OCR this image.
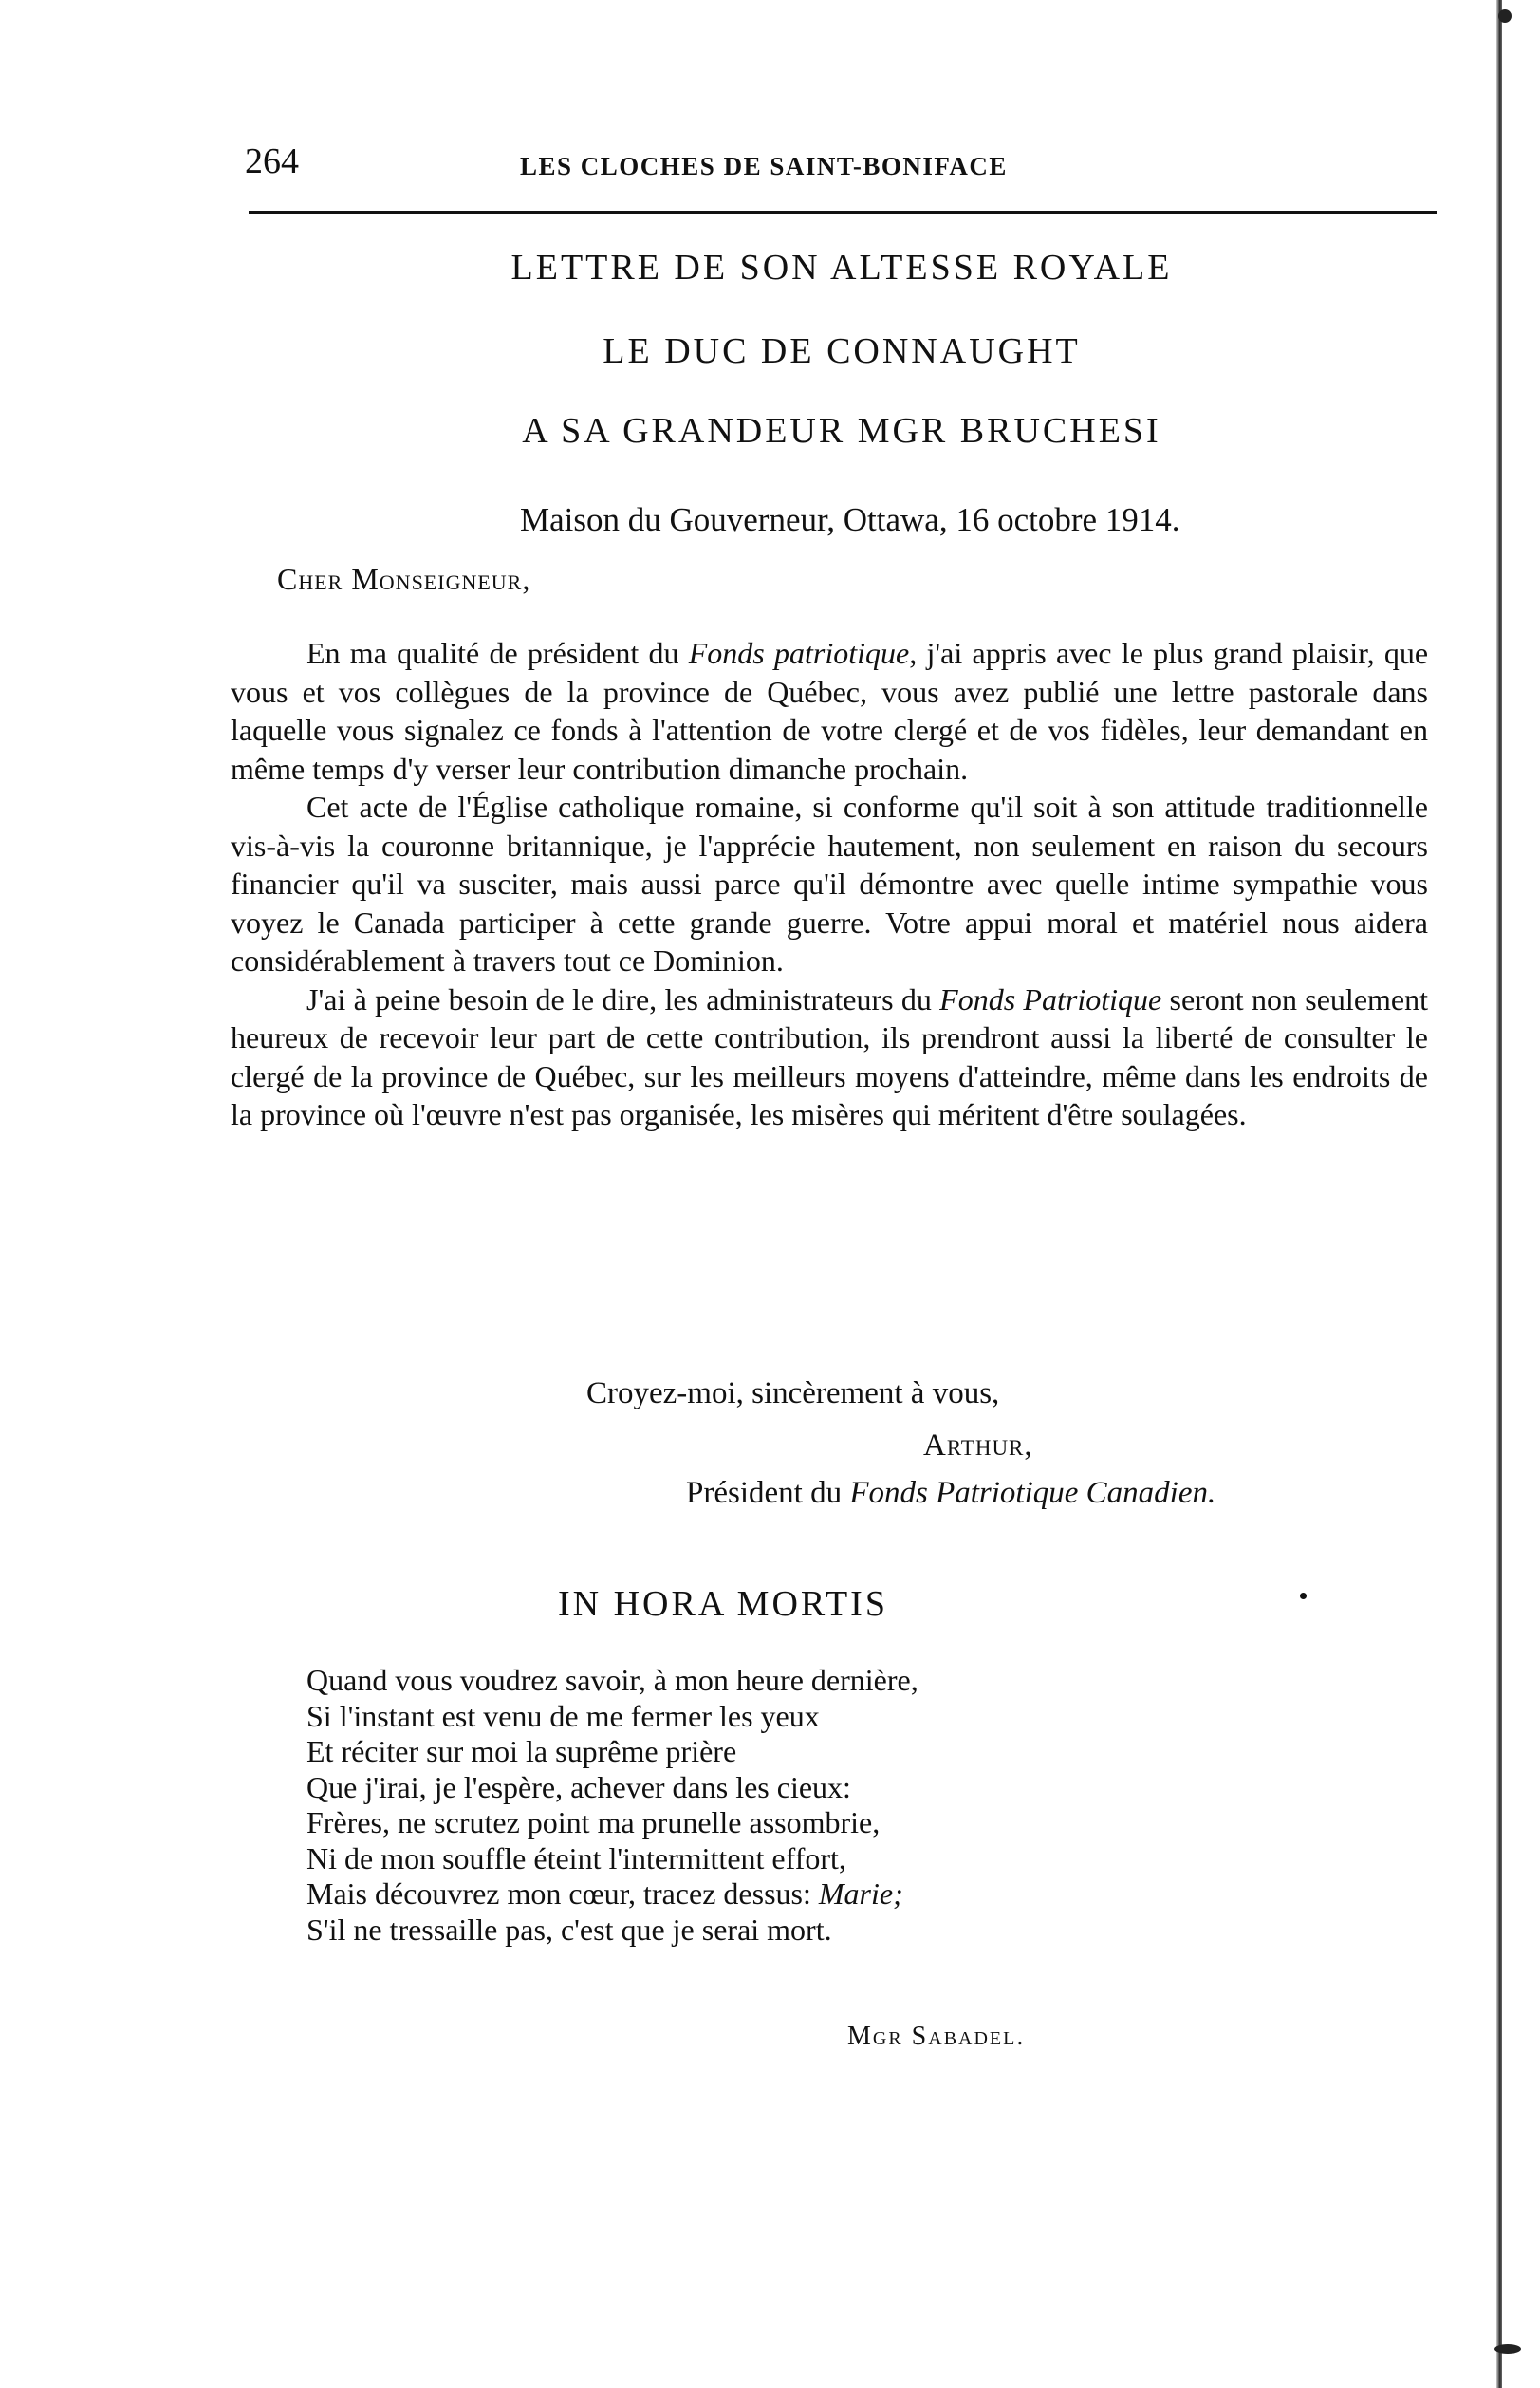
264	LES CLOCHES DE SAINT-BONIFACE
LETTRE DE SON ALTESSE ROYALE
LE DUC DE CONNAUGHT
A SA GRANDEUR MGR BRUCHESI
Maison du Gouverneur, Ottawa, 16 octobre 1914.
Cher Monseigneur,

En ma qualité de président du Fonds patriotique, j'ai appris avec le plus grand plaisir, que vous et vos collègues de la province de Québec, vous avez publié une lettre pastorale dans laquelle vous signalez ce fonds à l'attention de votre clergé et de vos fidèles, leur demandant en même temps d'y verser leur contribution dimanche prochain.

Cet acte de l'Église catholique romaine, si conforme qu'il soit à son attitude traditionnelle vis-à-vis la couronne britannique, je l'apprécie hautement, non seulement en raison du secours financier qu'il va susciter, mais aussi parce qu'il démontre avec quelle intime sympathie vous voyez le Canada participer à cette grande guerre. Votre appui moral et matériel nous aidera considérablement à travers tout ce Dominion.

J'ai à peine besoin de le dire, les administrateurs du Fonds Patriotique seront non seulement heureux de recevoir leur part de cette contribution, ils prendront aussi la liberté de consulter le clergé de la province de Québec, sur les meilleurs moyens d'atteindre, même dans les endroits de la province où l'œuvre n'est pas organisée, les misères qui méritent d'être soulagées.

Croyez-moi, sincèrement à vous,
Arthur,
Président du Fonds Patriotique Canadien.
IN HORA MORTIS
Quand vous voudrez savoir, à mon heure dernière,
Si l'instant est venu de me fermer les yeux
Et réciter sur moi la suprême prière
Que j'irai, je l'espère, achever dans les cieux:
Frères, ne scrutez point ma prunelle assombrie,
Ni de mon souffle éteint l'intermittent effort,
Mais découvrez mon cœur, tracez dessus: Marie;
S'il ne tressaille pas, c'est que je serai mort.
Mgr Sabadel.
